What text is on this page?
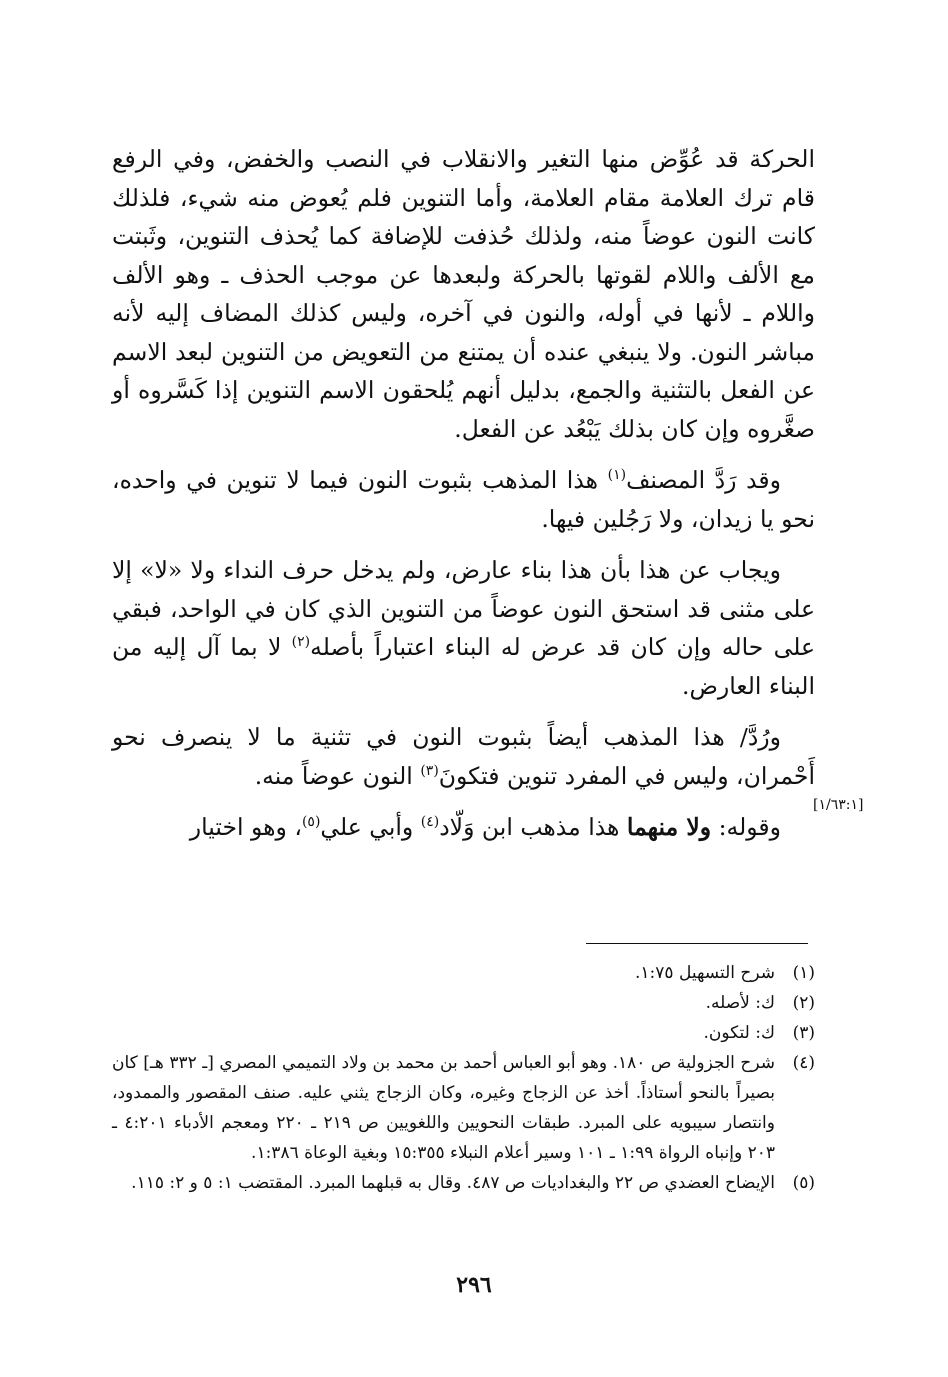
الحركة قد عُوِّض منها التغير والانقلاب في النصب والخفض، وفي الرفع قام ترك العلامة مقام العلامة، وأما التنوين فلم يُعوض منه شيء، فلذلك كانت النون عوضاً منه، ولذلك حُذفت للإضافة كما يُحذف التنوين، وثَبتت مع الألف واللام لقوتها بالحركة ولبعدها عن موجب الحذف ـ وهو الألف واللام ـ لأنها في أوله، والنون في آخره، وليس كذلك المضاف إليه لأنه مباشر النون. ولا ينبغي عنده أن يمتنع من التعويض من التنوين لبعد الاسم عن الفعل بالتثنية والجمع، بدليل أنهم يُلحقون الاسم التنوين إذا كَسَّروه أو صغَّروه وإن كان بذلك يَبْعُد عن الفعل.

وقد رَدَّ المصنف$^{(١)}$ هذا المذهب بثبوت النون فيما لا تنوين في واحده، نحو يا زيدان، ولا رَجُلين فيها.

ويجاب عن هذا بأن هذا بناء عارض، ولم يدخل حرف النداء ولا «لا» إلا على مثنى قد استحق النون عوضاً من التنوين الذي كان في الواحد، فبقي على حاله وإن كان قد عرض له البناء اعتباراً بأصله$^{(٢)}$ لا بما آل إليه من البناء العارض.

ورُدَّ/ هذا المذهب أيضاً بثبوت النون في تثنية ما لا ينصرف نحو أَحْمران، وليس في المفرد تنوين فتكونَ$^{(٣)}$ النون عوضاً منه.

وقوله: ولا منهما هذا مذهب ابن وَلّاد$^{(٤)}$ وأبي علي$^{(٥)}$، وهو اختيار

[١/٦٣:١]
(١)
شرح التسهيل ١:٧٥.
(٢)
ك: لأصله.
(٣)
ك: لتكون.
(٤)
شرح الجزولية ص ١٨٠. وهو أبو العباس أحمد بن محمد بن ولاد التميمي المصري [ـ ٣٣٢ هـ] كان بصيراً بالنحو أستاذاً. أخذ عن الزجاج وغيره، وكان الزجاج يثني عليه. صنف المقصور والممدود، وانتصار سيبويه على المبرد. طبقات النحويين واللغويين ص ٢١٩ ـ ٢٢٠ ومعجم الأدباء ٤:٢٠١ ـ ٢٠٣ وإنباه الرواة ١:٩٩ ـ ١٠١ وسير أعلام النبلاء ١٥:٣٥٥ وبغية الوعاة ١:٣٨٦.
(٥)
الإيضاح العضدي ص ٢٢ والبغداديات ص ٤٨٧. وقال به قبلهما المبرد. المقتضب ١: ٥ و ٢: ١١٥.
٢٩٦
